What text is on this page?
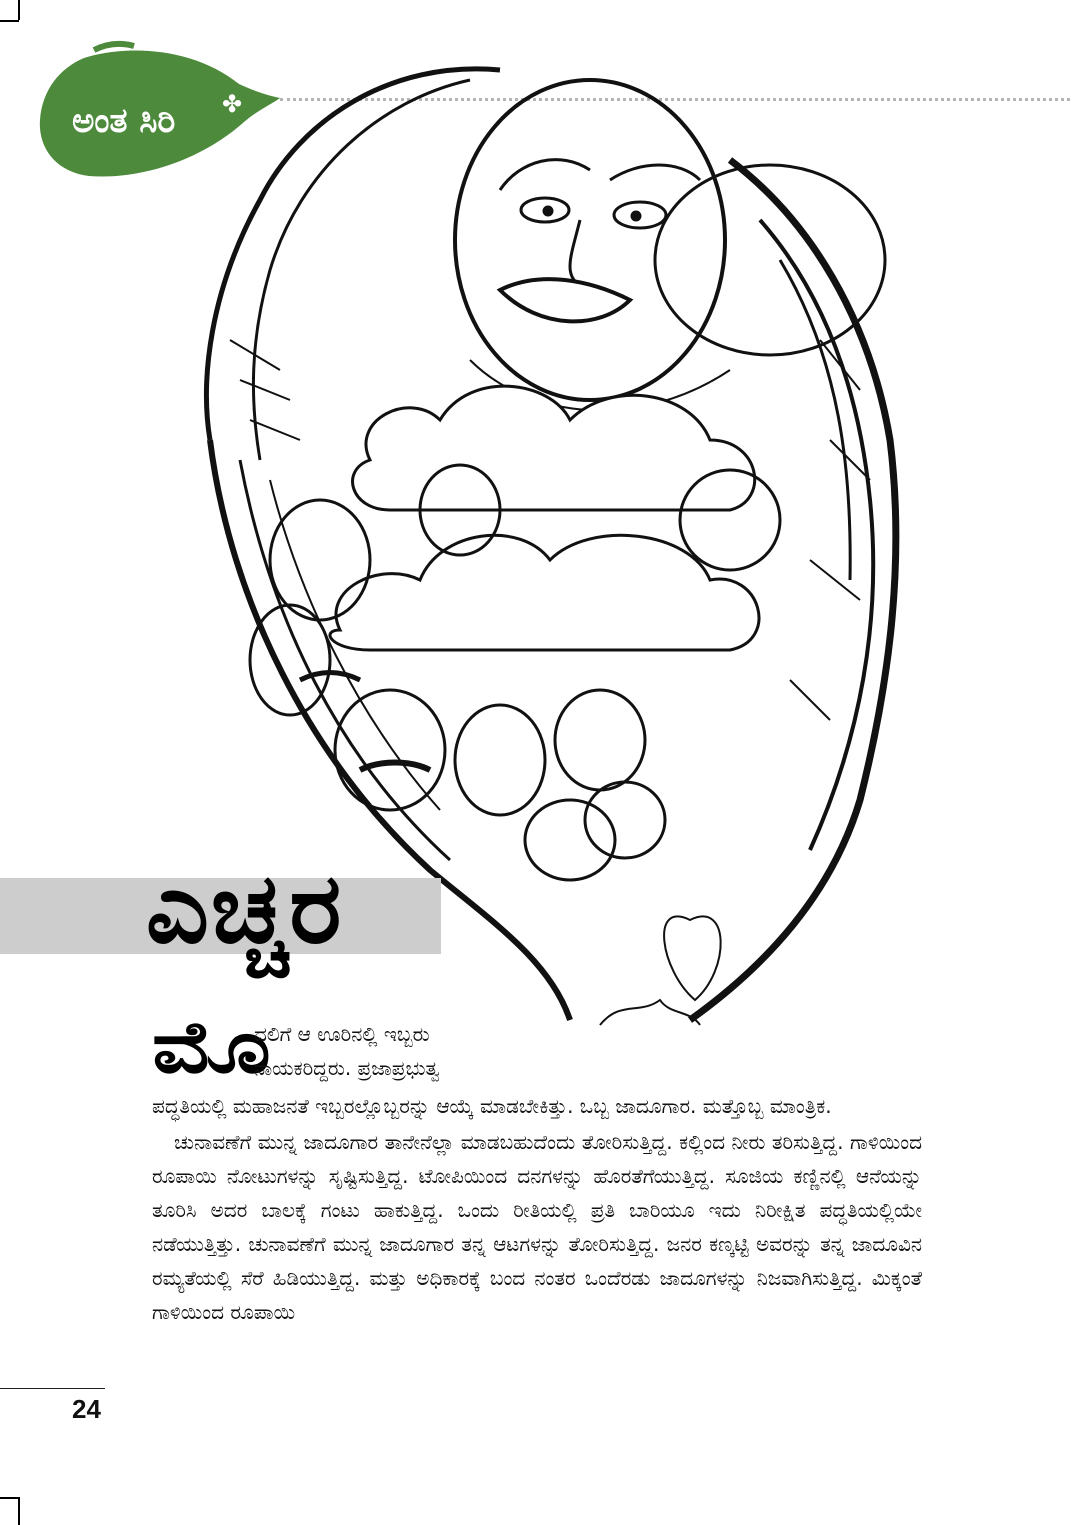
ಅಂತ ಸಿರಿ ✤
ಎಚ್ಚರ
ಮೊ
ದಲಿಗೆ ಆ ಊರಿನಲ್ಲಿ ಇಬ್ಬರು
ನಾಯಕರಿದ್ದರು. ಪ್ರಜಾಪ್ರಭುತ್ವ

ಪದ್ಧತಿಯಲ್ಲಿ ಮಹಾಜನತೆ ಇಬ್ಬರಲ್ಲೊಬ್ಬರನ್ನು ಆಯ್ಕೆ ಮಾಡಬೇಕಿತ್ತು. ಒಬ್ಬ ಜಾದೂಗಾರ. ಮತ್ತೊಬ್ಬ ಮಾಂತ್ರಿಕ.

ಚುನಾವಣೆಗೆ ಮುನ್ನ ಜಾದೂಗಾರ ತಾನೇನೆಲ್ಲಾ ಮಾಡಬಹುದೆಂದು ತೋರಿಸುತ್ತಿದ್ದ. ಕಲ್ಲಿಂದ ನೀರು ತರಿಸುತ್ತಿದ್ದ. ಗಾಳಿಯಿಂದ ರೂಪಾಯಿ ನೋಟುಗಳನ್ನು ಸೃಷ್ಟಿಸುತ್ತಿದ್ದ. ಟೋಪಿಯಿಂದ ದನಗಳನ್ನು ಹೊರತೆಗೆಯುತ್ತಿದ್ದ. ಸೂಜಿಯ ಕಣ್ಣಿನಲ್ಲಿ ಆನೆಯನ್ನು ತೂರಿಸಿ ಅದರ ಬಾಲಕ್ಕೆ ಗಂಟು ಹಾಕುತ್ತಿದ್ದ. ಒಂದು ರೀತಿಯಲ್ಲಿ ಪ್ರತಿ ಬಾರಿಯೂ ಇದು ನಿರೀಕ್ಷಿತ ಪದ್ಧತಿಯಲ್ಲಿಯೇ ನಡೆಯುತ್ತಿತ್ತು. ಚುನಾವಣೆಗೆ ಮುನ್ನ ಜಾದೂಗಾರ ತನ್ನ ಆಟಗಳನ್ನು ತೋರಿಸುತ್ತಿದ್ದ. ಜನರ ಕಣ್ಕಟ್ಟಿ ಅವರನ್ನು ತನ್ನ ಜಾದೂವಿನ ರಮ್ಯತೆಯಲ್ಲಿ ಸೆರೆ ಹಿಡಿಯುತ್ತಿದ್ದ. ಮತ್ತು ಅಧಿಕಾರಕ್ಕೆ ಬಂದ ನಂತರ ಒಂದೆರಡು ಜಾದೂಗಳನ್ನು ನಿಜವಾಗಿಸುತ್ತಿದ್ದ. ಮಿಕ್ಕಂತೆ ಗಾಳಿಯಿಂದ ರೂಪಾಯಿ

24
